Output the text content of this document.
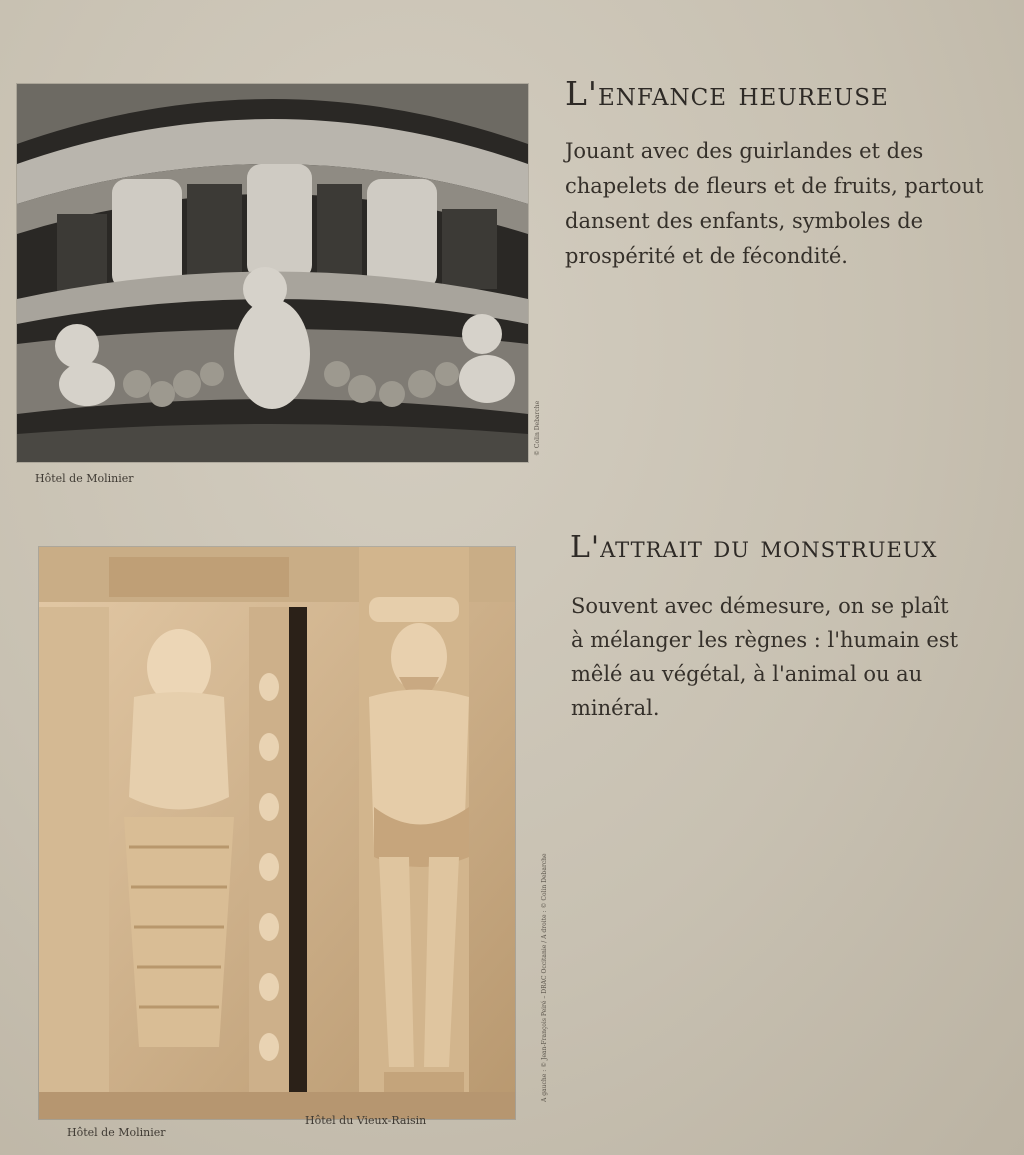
© Colin Debarche
Hôtel de Molinier
L'enfance heureuse
Jouant avec des guirlandes et des chapelets de fleurs et de fruits, partout dansent des enfants, symboles de prospérité et de fécondité.
A gauche : © Jean-François Peiré – DRAC Occitanie / A droite : © Colin Debarche
Hôtel de Molinier
Hôtel du Vieux-Raisin
L'attrait du monstrueux
Souvent avec démesure, on se plaît à mélanger les règnes : l'humain est mêlé au végétal, à l'animal ou au minéral.
